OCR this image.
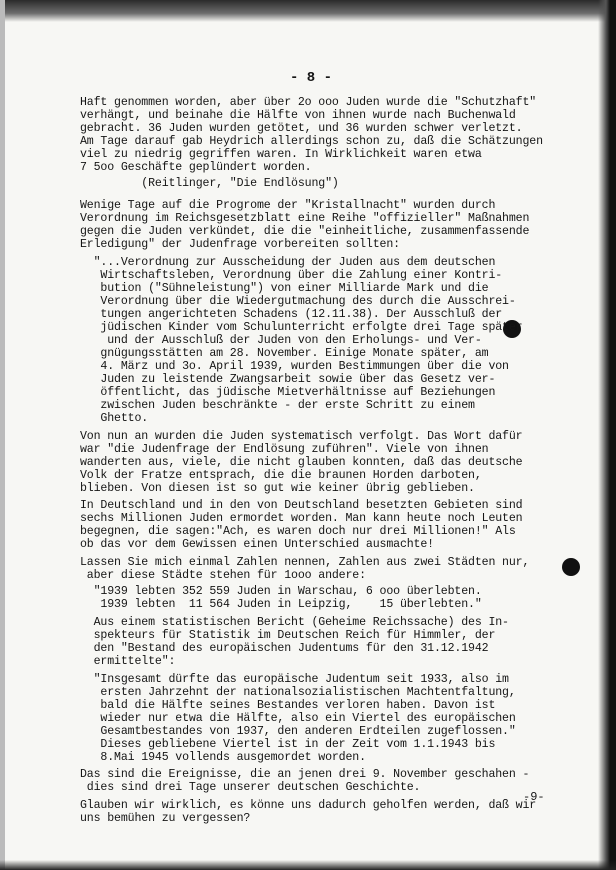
- 8 -
Haft genommen worden, aber über 2o ooo Juden wurde die "Schutzhaft"
verhängt, und beinahe die Hälfte von ihnen wurde nach Buchenwald
gebracht. 36 Juden wurden getötet, und 36 wurden schwer verletzt.
Am Tage darauf gab Heydrich allerdings schon zu, daß die Schätzungen
viel zu niedrig gegriffen waren. In Wirklichkeit waren etwa
7 5oo Geschäfte geplündert worden.
(Reitlinger, "Die Endlösung")
Wenige Tage auf die Progrome der "Kristallnacht" wurden durch
Verordnung im Reichsgesetzblatt eine Reihe "offizieller" Maßnahmen
gegen die Juden verkündet, die die "einheitliche, zusammenfassende
Erledigung" der Judenfrage vorbereiten sollten:
"...Verordnung zur Ausscheidung der Juden aus dem deutschen
Wirtschaftsleben, Verordnung über die Zahlung einer Kontri-
bution ("Sühneleistung") von einer Milliarde Mark und die
Verordnung über die Wiedergutmachung des durch die Ausschrei-
tungen angerichteten Schadens (12.11.38). Der Ausschluß der
jüdischen Kinder vom Schulunterricht erfolgte drei Tage später
und der Ausschluß der Juden von den Erholungs- und Ver-
gnügungsstätten am 28. November. Einige Monate später, am
4. März und 3o. April 1939, wurden Bestimmungen über die von
Juden zu leistende Zwangsarbeit sowie über das Gesetz ver-
öffentlicht, das jüdische Mietverhältnisse auf Beziehungen
zwischen Juden beschränkte - der erste Schritt zu einem
Ghetto.
Von nun an wurden die Juden systematisch verfolgt. Das Wort dafür
war "die Judenfrage der Endlösung zuführen". Viele von ihnen
wanderten aus, viele, die nicht glauben konnten, daß das deutsche
Volk der Fratze entsprach, die die braunen Horden darboten,
blieben. Von diesen ist so gut wie keiner übrig geblieben.
In Deutschland und in den von Deutschland besetzten Gebieten sind
sechs Millionen Juden ermordet worden. Man kann heute noch Leuten
begegnen, die sagen:"Ach, es waren doch nur drei Millionen!" Als
ob das vor dem Gewissen einen Unterschied ausmachte!
Lassen Sie mich einmal Zahlen nennen, Zahlen aus zwei Städten nur,
aber diese Städte stehen für 1ooo andere:
"1939 lebten 352 559 Juden in Warschau, 6 ooo überlebten.
1939 lebten  11 564 Juden in Leipzig,    15 überlebten."
Aus einem statistischen Bericht (Geheime Reichssache) des In-
spekteurs für Statistik im Deutschen Reich für Himmler, der
den "Bestand des europäischen Judentums für den 31.12.1942
ermittelte":
"Insgesamt dürfte das europäische Judentum seit 1933, also im
ersten Jahrzehnt der nationalsozialistischen Machtentfaltung,
bald die Hälfte seines Bestandes verloren haben. Davon ist
wieder nur etwa die Hälfte, also ein Viertel des europäischen
Gesamtbestandes von 1937, den anderen Erdteilen zugeflossen."
Dieses gebliebene Viertel ist in der Zeit vom 1.1.1943 bis
8.Mai 1945 vollends ausgemordet worden.
Das sind die Ereignisse, die an jenen drei 9. November geschahen -
dies sind drei Tage unserer deutschen Geschichte.
Glauben wir wirklich, es könne uns dadurch geholfen werden, daß wir
uns bemühen zu vergessen?
-9-
